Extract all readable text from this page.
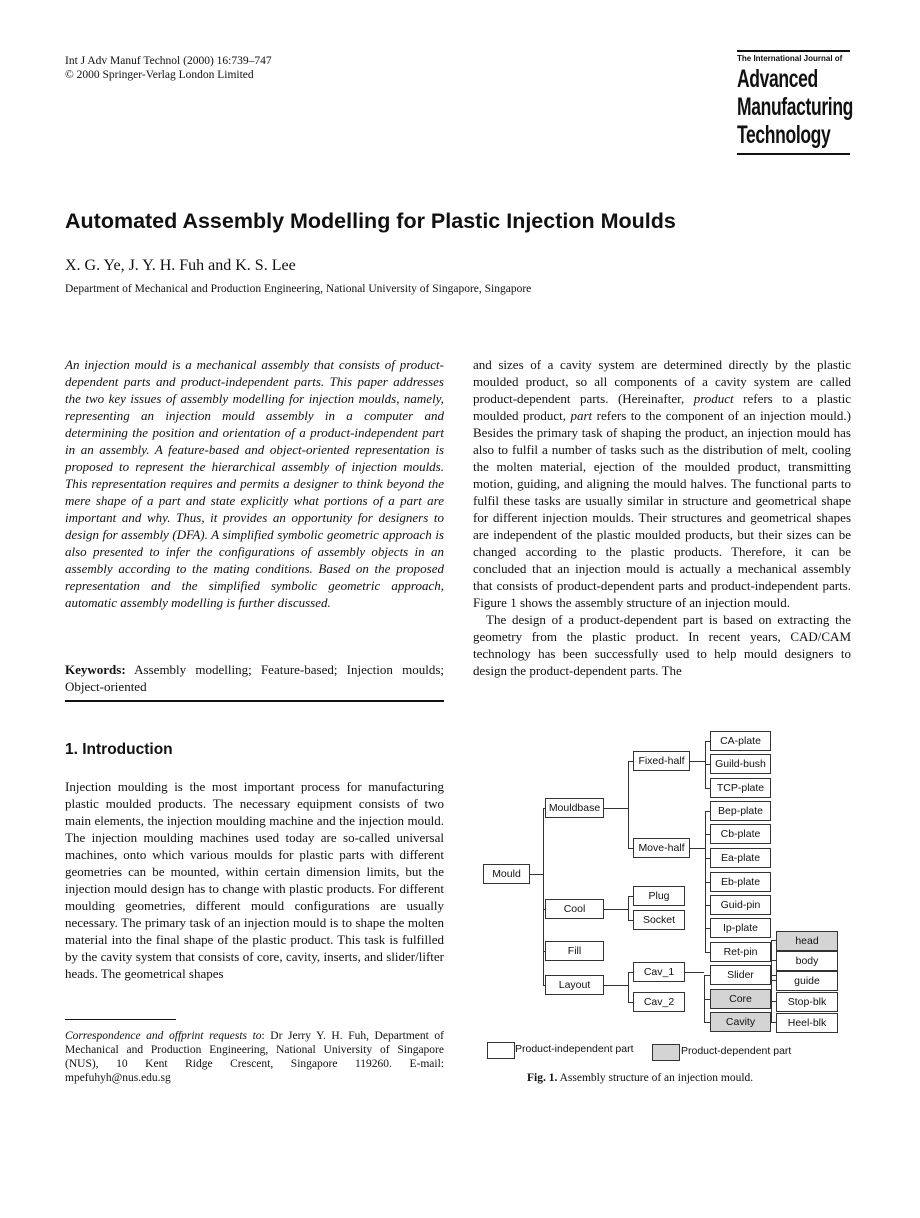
Int J Adv Manuf Technol (2000) 16:739–747
© 2000 Springer-Verlag London Limited
The International Journal of
Advanced
Manufacturing
Technology
Automated Assembly Modelling for Plastic Injection Moulds
X. G. Ye, J. Y. H. Fuh and K. S. Lee
Department of Mechanical and Production Engineering, National University of Singapore, Singapore
An injection mould is a mechanical assembly that consists of product-dependent parts and product-independent parts. This paper addresses the two key issues of assembly modelling for injection moulds, namely, representing an injection mould assembly in a computer and determining the position and orientation of a product-independent part in an assembly. A feature-based and object-oriented representation is proposed to represent the hierarchical assembly of injection moulds. This representation requires and permits a designer to think beyond the mere shape of a part and state explicitly what portions of a part are important and why. Thus, it provides an opportunity for designers to design for assembly (DFA). A simplified symbolic geometric approach is also presented to infer the configurations of assembly objects in an assembly according to the mating conditions. Based on the proposed representation and the simplified symbolic geometric approach, automatic assembly modelling is further discussed.
Keywords: Assembly modelling; Feature-based; Injection moulds; Object-oriented
1. Introduction
Injection moulding is the most important process for manufacturing plastic moulded products. The necessary equipment consists of two main elements, the injection moulding machine and the injection mould. The injection moulding machines used today are so-called universal machines, onto which various moulds for plastic parts with different geometries can be mounted, within certain dimension limits, but the injection mould design has to change with plastic products. For different moulding geometries, different mould configurations are usually necessary. The primary task of an injection mould is to shape the molten material into the final shape of the plastic product. This task is fulfilled by the cavity system that consists of core, cavity, inserts, and slider/lifter heads. The geometrical shapes
Correspondence and offprint requests to: Dr Jerry Y. H. Fuh, Department of Mechanical and Production Engineering, National University of Singapore (NUS), 10 Kent Ridge Crescent, Singapore 119260. E-mail: mpefuhyh@nus.edu.sg

and sizes of a cavity system are determined directly by the plastic moulded product, so all components of a cavity system are called product-dependent parts. (Hereinafter, product refers to a plastic moulded product, part refers to the component of an injection mould.) Besides the primary task of shaping the product, an injection mould has also to fulfil a number of tasks such as the distribution of melt, cooling the molten material, ejection of the moulded product, transmitting motion, guiding, and aligning the mould halves. The functional parts to fulfil these tasks are usually similar in structure and geometrical shape for different injection moulds. Their structures and geometrical shapes are independent of the plastic moulded products, but their sizes can be changed according to the plastic products. Therefore, it can be concluded that an injection mould is actually a mechanical assembly that consists of product-dependent parts and product-independent parts. Figure 1 shows the assembly structure of an injection mould.

The design of a product-dependent part is based on extracting the geometry from the plastic product. In recent years, CAD/CAM technology has been successfully used to help mould designers to design the product-dependent parts. The

Mould
Mouldbase
Cool
Fill
Layout
Fixed-half
Move-half
Plug
Socket
Cav_1
Cav_2
CA-plate
Guild-bush
TCP-plate
Bep-plate
Cb-plate
Ea-plate
Eb-plate
Guid-pin
Ip-plate
Ret-pin
Slider
Core
Cavity
head
body
guide
Stop-blk
Heel-blk
Product-independent part	Product-dependent part
Fig. 1. Assembly structure of an injection mould.
